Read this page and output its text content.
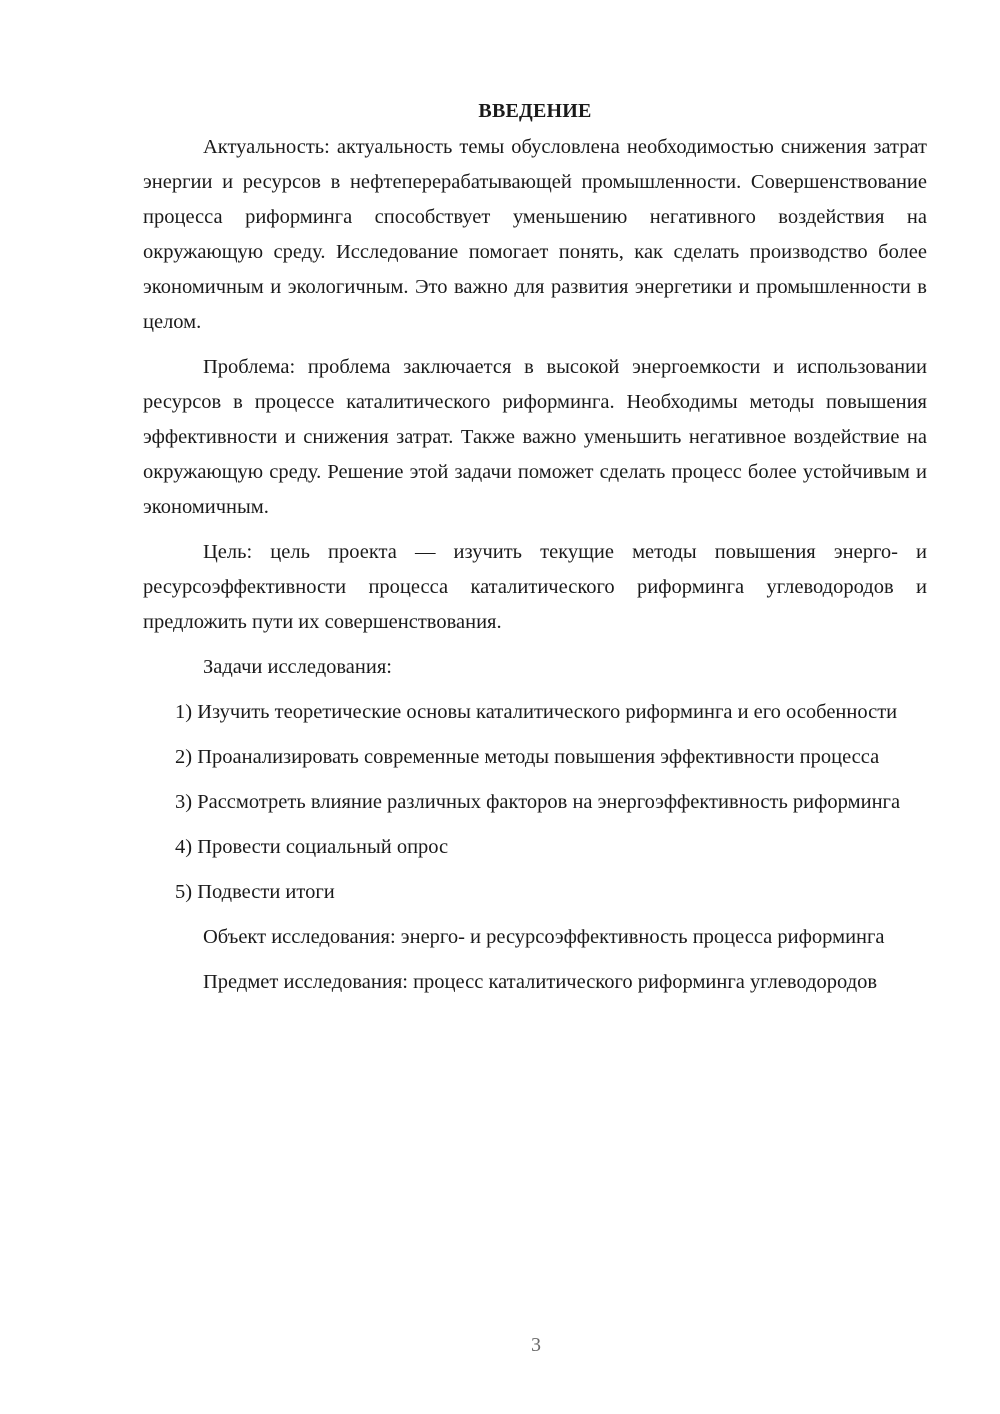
ВВЕДЕНИЕ

Актуальность: актуальность темы обусловлена необходимостью снижения затрат энергии и ресурсов в нефтеперерабатывающей промышленности. Совершенствование процесса риформинга способствует уменьшению негативного воздействия на окружающую среду. Исследование помогает понять, как сделать производство более экономичным и экологичным. Это важно для развития энергетики и промышленности в целом.

Проблема: проблема заключается в высокой энергоемкости и использовании ресурсов в процессе каталитического риформинга. Необходимы методы повышения эффективности и снижения затрат. Также важно уменьшить негативное воздействие на окружающую среду. Решение этой задачи поможет сделать процесс более устойчивым и экономичным.

Цель: цель проекта — изучить текущие методы повышения энерго- и ресурсоэффективности процесса каталитического риформинга углеводородов и предложить пути их совершенствования.

Задачи исследования:

1) Изучить теоретические основы каталитического риформинга и его особенности

2) Проанализировать современные методы повышения эффективности процесса

3) Рассмотреть влияние различных факторов на энергоэффективность риформинга

4) Провести социальный опрос

5) Подвести итоги

Объект исследования: энерго- и ресурсоэффективность процесса риформинга

Предмет исследования: процесс каталитического риформинга углеводородов

3
